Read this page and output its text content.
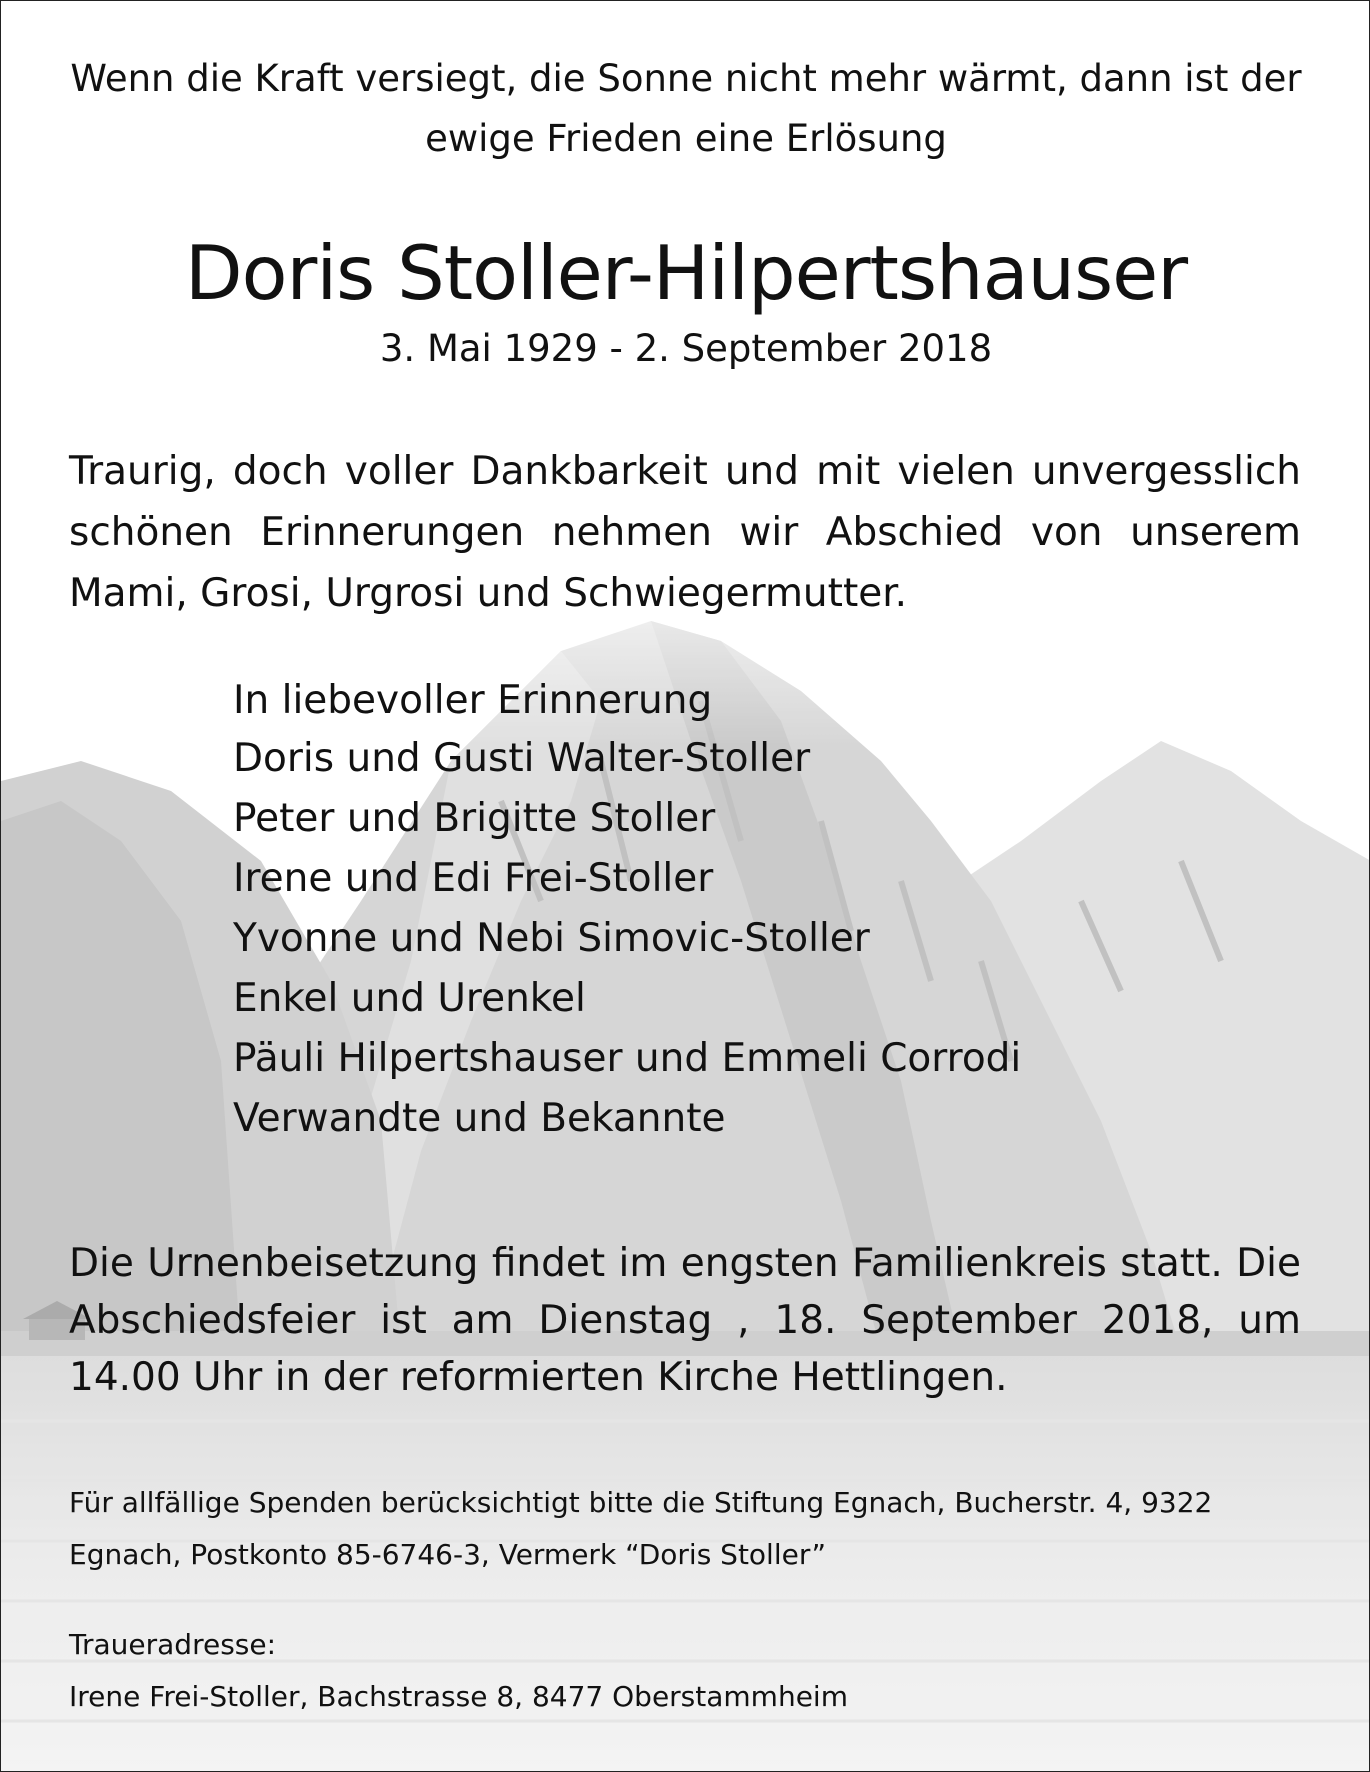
Wenn die Kraft versiegt, die Sonne nicht mehr wärmt, dann ist der
ewige Frieden eine Erlösung
Doris Stoller-Hilpertshauser
3. Mai 1929 - 2. September 2018
Traurig, doch voller Dankbarkeit und mit vielen unvergesslich schönen Erinnerungen nehmen wir Abschied von unserem Mami, Grosi, Urgrosi und Schwiegermutter.
In liebevoller Erinnerung
Doris und Gusti Walter-Stoller
Peter und Brigitte Stoller
Irene und Edi Frei-Stoller
Yvonne und Nebi Simovic-Stoller
Enkel und Urenkel
Päuli Hilpertshauser und Emmeli Corrodi
Verwandte und Bekannte
Die Urnenbeisetzung findet im engsten Familienkreis statt. Die Abschiedsfeier ist am Dienstag , 18. September 2018, um 14.00 Uhr in der reformierten Kirche Hettlingen.
Für allfällige Spenden berücksichtigt bitte die Stiftung Egnach, Bucherstr. 4, 9322
Egnach, Postkonto 85-6746-3, Vermerk “Doris Stoller”
Traueradresse:
Irene Frei-Stoller, Bachstrasse 8, 8477 Oberstammheim
